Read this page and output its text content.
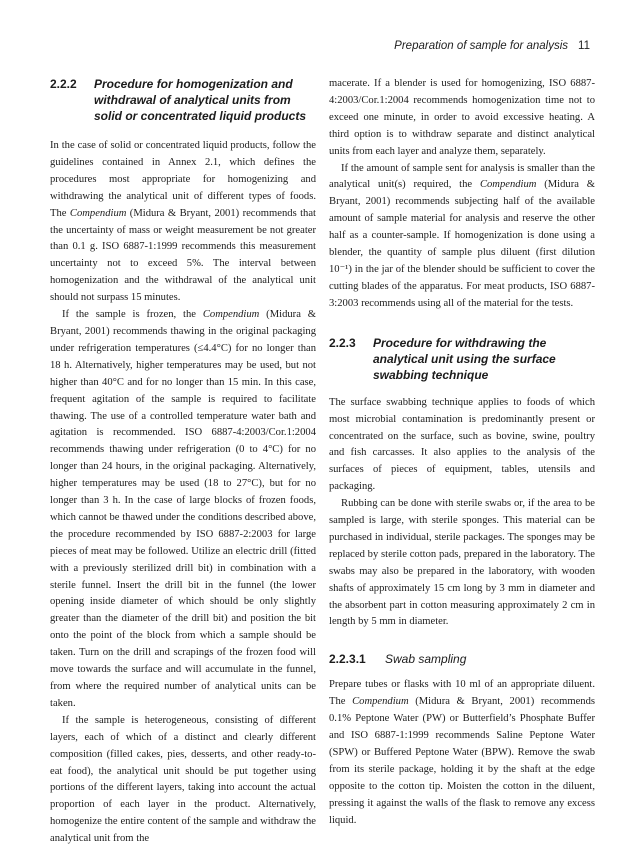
Preparation of sample for analysis 11
2.2.2	Procedure for homogenization and withdrawal of analytical units from solid or concentrated liquid products

In the case of solid or concentrated liquid products, follow the guidelines contained in Annex 2.1, which defines the procedures most appropriate for homogenizing and withdrawing the analytical unit of different types of foods. The Compendium (Midura & Bryant, 2001) recommends that the uncertainty of mass or weight measurement be not greater than 0.1 g. ISO 6887-1:1999 recommends this measurement uncertainty not to exceed 5%. The interval between homogenization and the withdrawal of the analytical unit should not surpass 15 minutes.

If the sample is frozen, the Compendium (Midura & Bryant, 2001) recommends thawing in the original packaging under refrigeration temperatures (≤4.4°C) for no longer than 18 h. Alternatively, higher temperatures may be used, but not higher than 40°C and for no longer than 15 min. In this case, frequent agitation of the sample is required to facilitate thawing. The use of a controlled temperature water bath and agitation is recommended. ISO 6887-4:2003/Cor.1:2004 recommends thawing under refrigeration (0 to 4°C) for no longer than 24 hours, in the original packaging. Alternatively, higher temperatures may be used (18 to 27°C), but for no longer than 3 h. In the case of large blocks of frozen foods, which cannot be thawed under the conditions described above, the procedure recommended by ISO 6887-2:2003 for large pieces of meat may be followed. Utilize an electric drill (fitted with a previously sterilized drill bit) in combination with a sterile funnel. Insert the drill bit in the funnel (the lower opening inside diameter of which should be only slightly greater than the diameter of the drill bit) and position the bit onto the point of the block from which a sample should be taken. Turn on the drill and scrapings of the frozen food will move towards the surface and will accumulate in the funnel, from where the required number of analytical units can be taken.

If the sample is heterogeneous, consisting of different layers, each of which of a distinct and clearly different composition (filled cakes, pies, desserts, and other ready-to-eat food), the analytical unit should be put together using portions of the different layers, taking into account the actual proportion of each layer in the product. Alternatively, homogenize the entire content of the sample and withdraw the analytical unit from the

macerate. If a blender is used for homogenizing, ISO 6887-4:2003/Cor.1:2004 recommends homogenization time not to exceed one minute, in order to avoid excessive heating. A third option is to withdraw separate and distinct analytical units from each layer and analyze them, separately.

If the amount of sample sent for analysis is smaller than the analytical unit(s) required, the Compendium (Midura & Bryant, 2001) recommends subjecting half of the available amount of sample material for analysis and reserve the other half as a counter-sample. If homogenization is done using a blender, the quantity of sample plus diluent (first dilution 10⁻¹) in the jar of the blender should be sufficient to cover the cutting blades of the apparatus. For meat products, ISO 6887-3:2003 recommends using all of the material for the tests.

2.2.3	Procedure for withdrawing the analytical unit using the surface swabbing technique

The surface swabbing technique applies to foods of which most microbial contamination is predominantly present or concentrated on the surface, such as bovine, swine, poultry and fish carcasses. It also applies to the analysis of the surfaces of pieces of equipment, tables, utensils and packaging.

Rubbing can be done with sterile swabs or, if the area to be sampled is large, with sterile sponges. This material can be purchased in individual, sterile packages. The sponges may be replaced by sterile cotton pads, prepared in the laboratory. The swabs may also be prepared in the laboratory, with wooden shafts of approximately 15 cm long by 3 mm in diameter and the absorbent part in cotton measuring approximately 2 cm in length by 5 mm in diameter.

2.2.3.1	Swab sampling

Prepare tubes or flasks with 10 ml of an appropriate diluent. The Compendium (Midura & Bryant, 2001) recommends 0.1% Peptone Water (PW) or Butterfield’s Phosphate Buffer and ISO 6887-1:1999 recommends Saline Peptone Water (SPW) or Buffered Peptone Water (BPW). Remove the swab from its sterile package, holding it by the shaft at the edge opposite to the cotton tip. Moisten the cotton in the diluent, pressing it against the walls of the flask to remove any excess liquid.
